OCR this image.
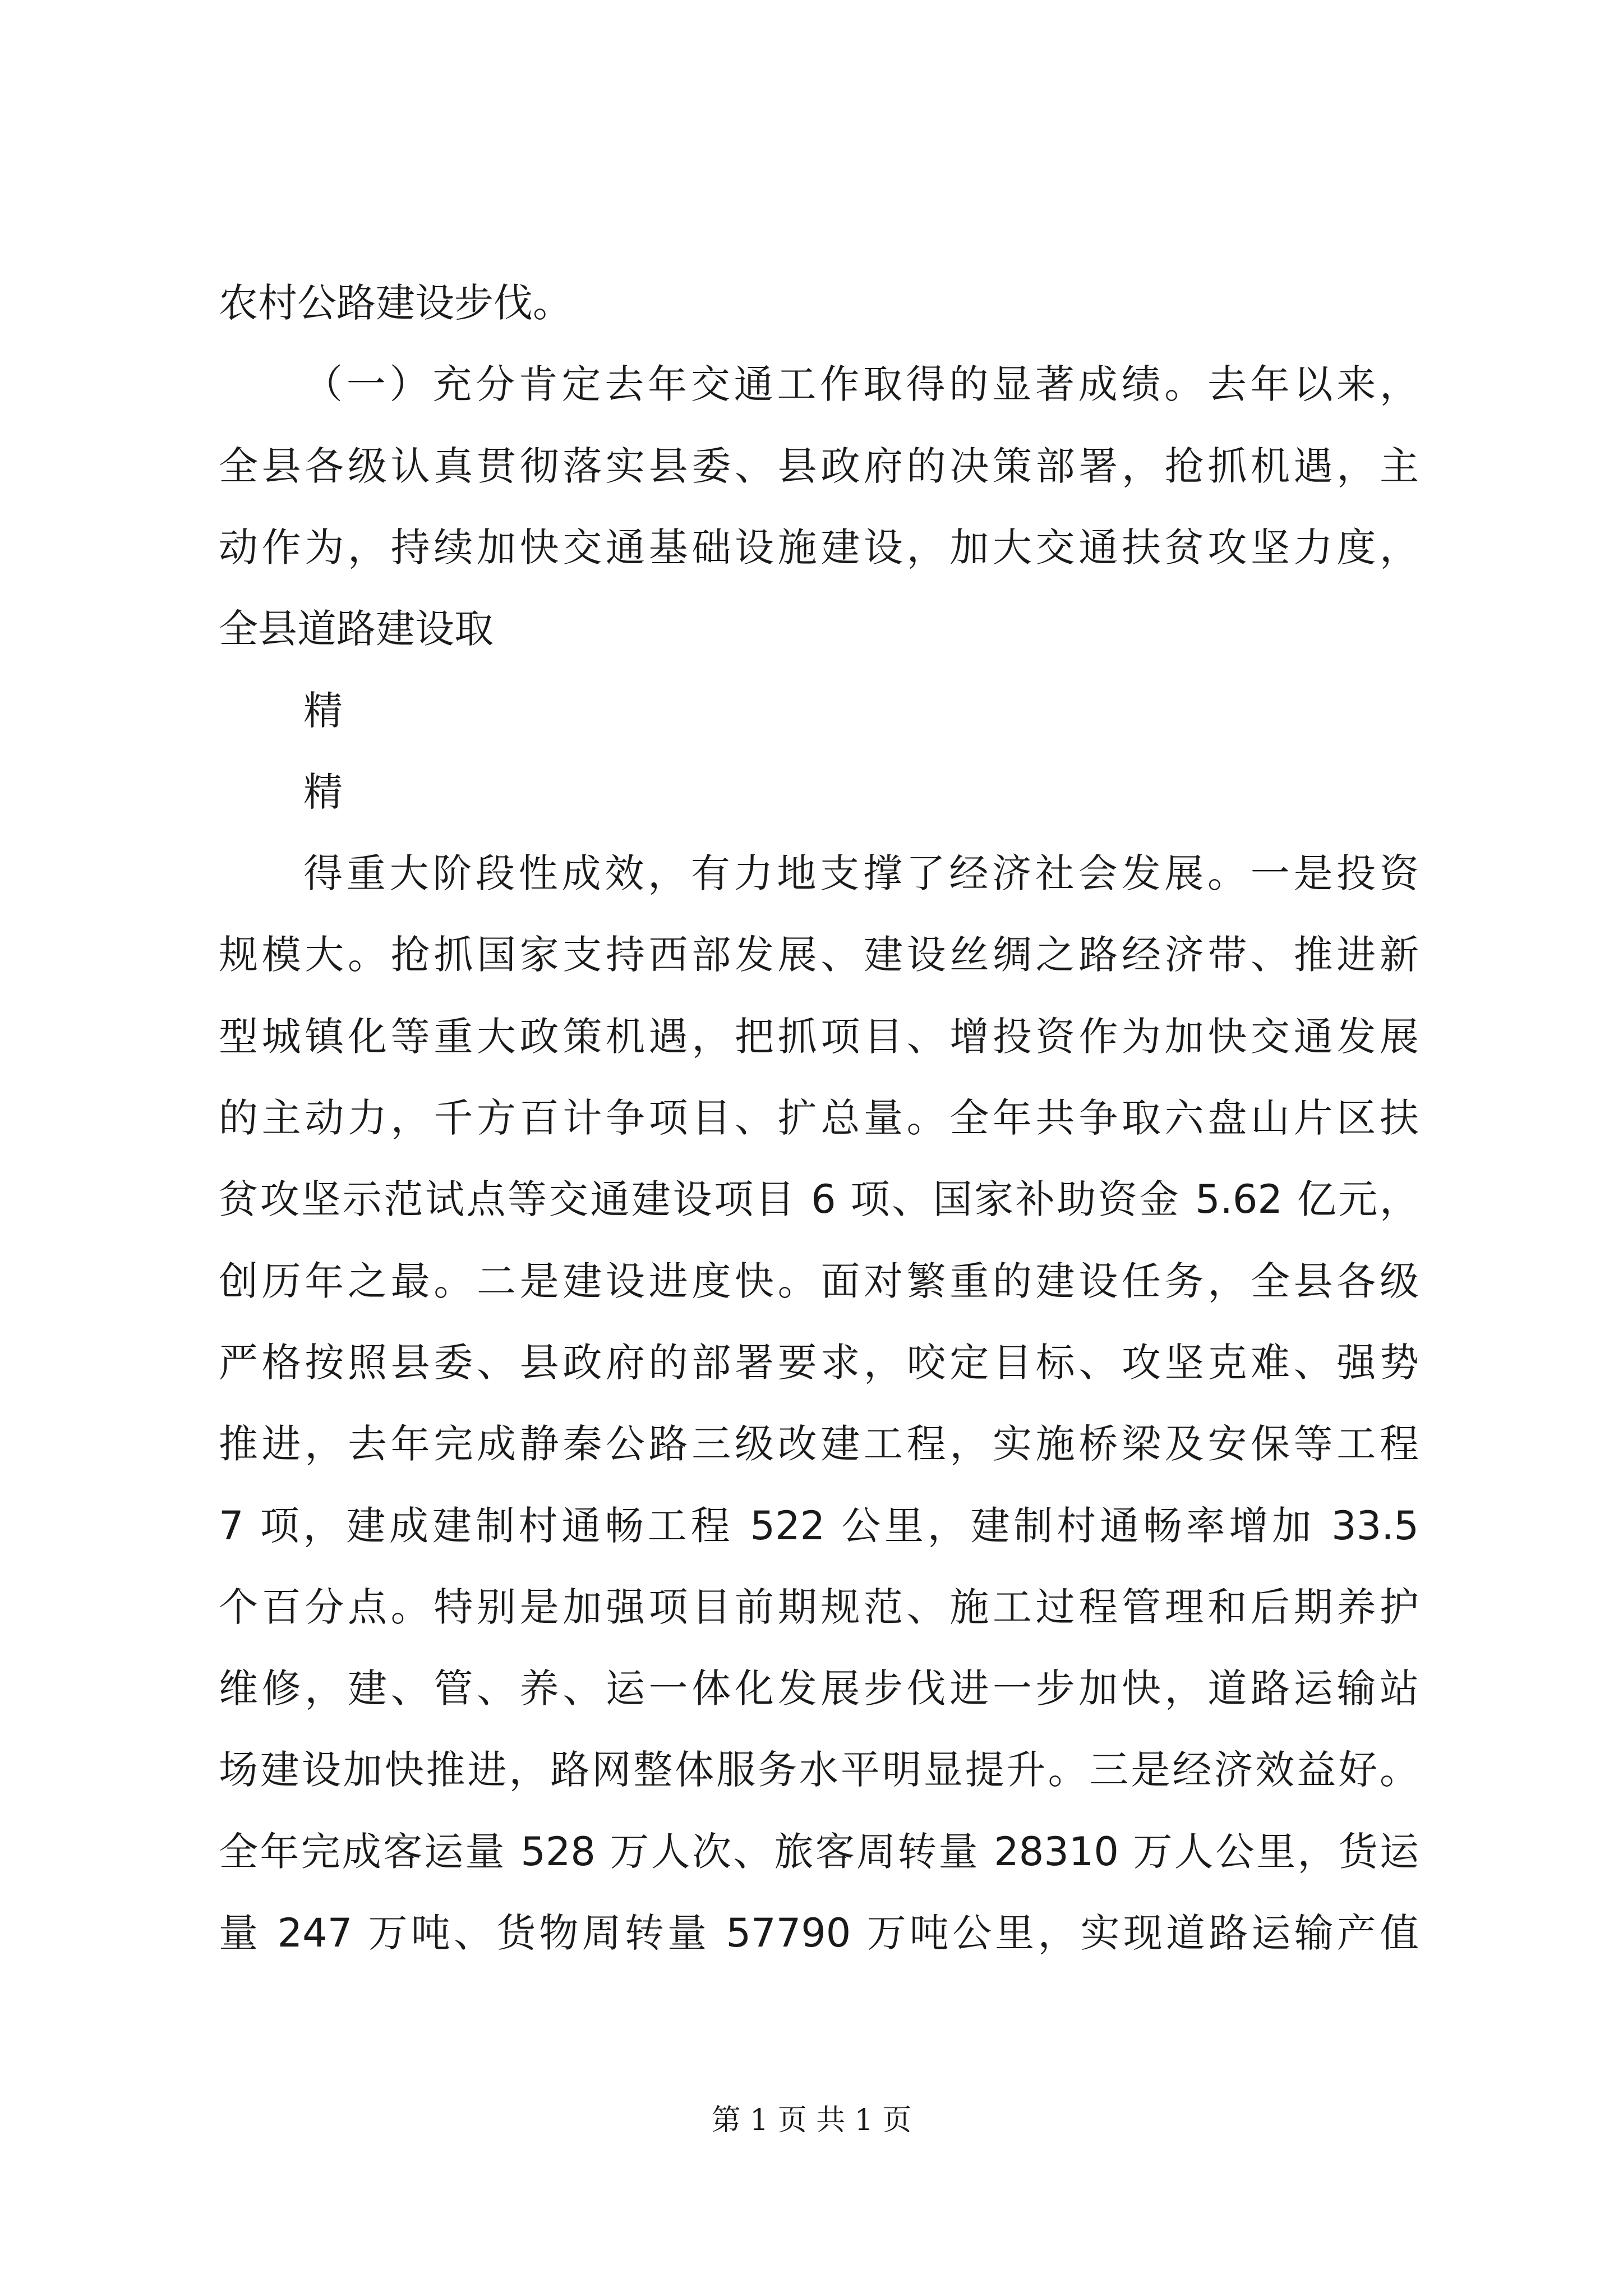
农村公路建设步伐。
（一）充分肯定去年交通工作取得的显著成绩。去年以来，
全县各级认真贯彻落实县委、县政府的决策部署，抢抓机遇，主
动作为，持续加快交通基础设施建设，加大交通扶贫攻坚力度，
全县道路建设取
精
精
得重大阶段性成效，有力地支撑了经济社会发展。一是投资
规模大。抢抓国家支持西部发展、建设丝绸之路经济带、推进新
型城镇化等重大政策机遇，把抓项目、增投资作为加快交通发展
的主动力，千方百计争项目、扩总量。全年共争取六盘山片区扶
贫攻坚示范试点等交通建设项目 6 项、国家补助资金 5.62 亿元，
创历年之最。二是建设进度快。面对繁重的建设任务，全县各级
严格按照县委、县政府的部署要求，咬定目标、攻坚克难、强势
推进，去年完成静秦公路三级改建工程，实施桥梁及安保等工程
7 项，建成建制村通畅工程 522 公里，建制村通畅率增加 33.5
个百分点。特别是加强项目前期规范、施工过程管理和后期养护
维修，建、管、养、运一体化发展步伐进一步加快，道路运输站
场建设加快推进，路网整体服务水平明显提升。三是经济效益好。
全年完成客运量 528 万人次、旅客周转量 28310 万人公里，货运
量 247 万吨、货物周转量 57790 万吨公里，实现道路运输产值
第 1 页 共 1 页
